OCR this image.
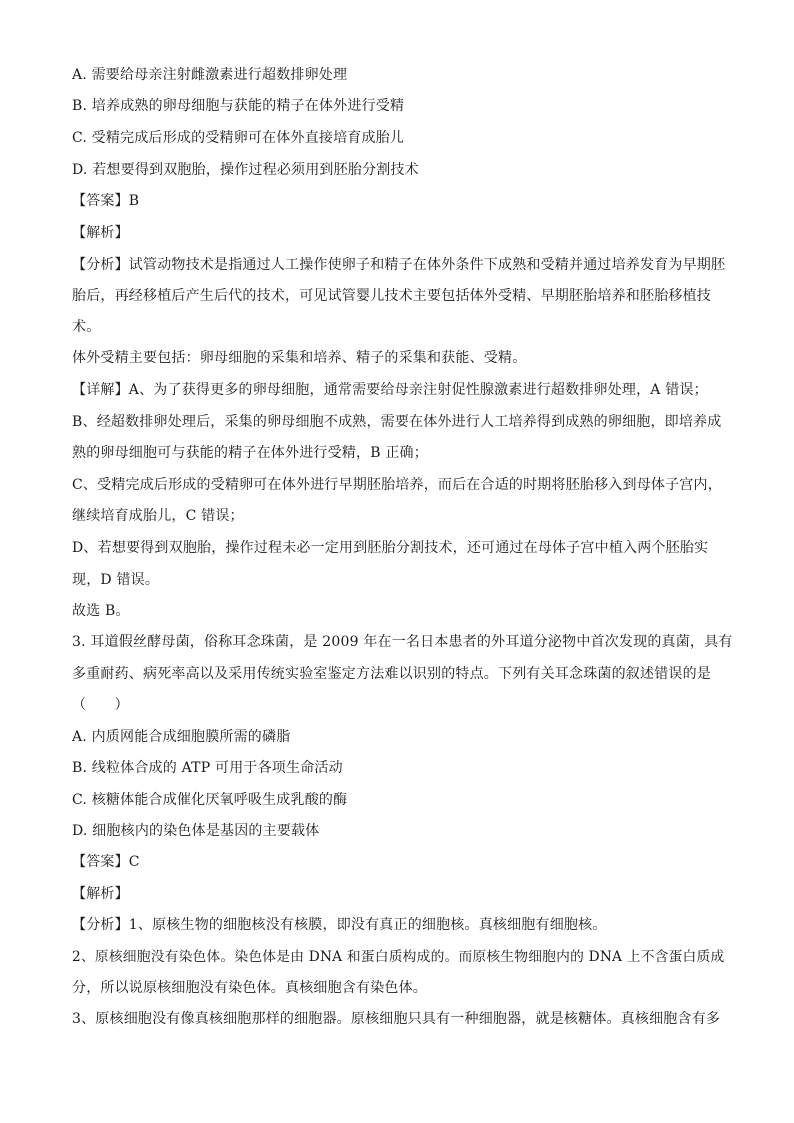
A. 需要给母亲注射雌激素进行超数排卵处理
B. 培养成熟的卵母细胞与获能的精子在体外进行受精
C. 受精完成后形成的受精卵可在体外直接培育成胎儿
D. 若想要得到双胞胎，操作过程必须用到胚胎分割技术
【答案】B
【解析】
【分析】试管动物技术是指通过人工操作使卵子和精子在体外条件下成熟和受精并通过培养发育为早期胚
胎后，再经移植后产生后代的技术，可见试管婴儿技术主要包括体外受精、早期胚胎培养和胚胎移植技
术。
体外受精主要包括：卵母细胞的采集和培养、精子的采集和获能、受精。
【详解】A、为了获得更多的卵母细胞，通常需要给母亲注射促性腺激素进行超数排卵处理，A 错误；
B、经超数排卵处理后，采集的卵母细胞不成熟，需要在体外进行人工培养得到成熟的卵细胞，即培养成
熟的卵母细胞可与获能的精子在体外进行受精，B 正确；
C、受精完成后形成的受精卵可在体外进行早期胚胎培养，而后在合适的时期将胚胎移入到母体子宫内，
继续培育成胎儿，C 错误；
D、若想要得到双胞胎，操作过程未必一定用到胚胎分割技术，还可通过在母体子宫中植入两个胚胎实
现，D 错误。
故选 B。
3. 耳道假丝酵母菌，俗称耳念珠菌，是 2009 年在一名日本患者的外耳道分泌物中首次发现的真菌，具有
多重耐药、病死率高以及采用传统实验室鉴定方法难以识别的特点。下列有关耳念珠菌的叙述错误的是
（　　）
A. 内质网能合成细胞膜所需的磷脂
B. 线粒体合成的 ATP 可用于各项生命活动
C. 核糖体能合成催化厌氧呼吸生成乳酸的酶
D. 细胞核内的染色体是基因的主要载体
【答案】C
【解析】
【分析】1、原核生物的细胞核没有核膜，即没有真正的细胞核。真核细胞有细胞核。
2、原核细胞没有染色体。染色体是由 DNA 和蛋白质构成的。而原核生物细胞内的 DNA 上不含蛋白质成
分，所以说原核细胞没有染色体。真核细胞含有染色体。
3、原核细胞没有像真核细胞那样的细胞器。原核细胞只具有一种细胞器，就是核糖体。真核细胞含有多
